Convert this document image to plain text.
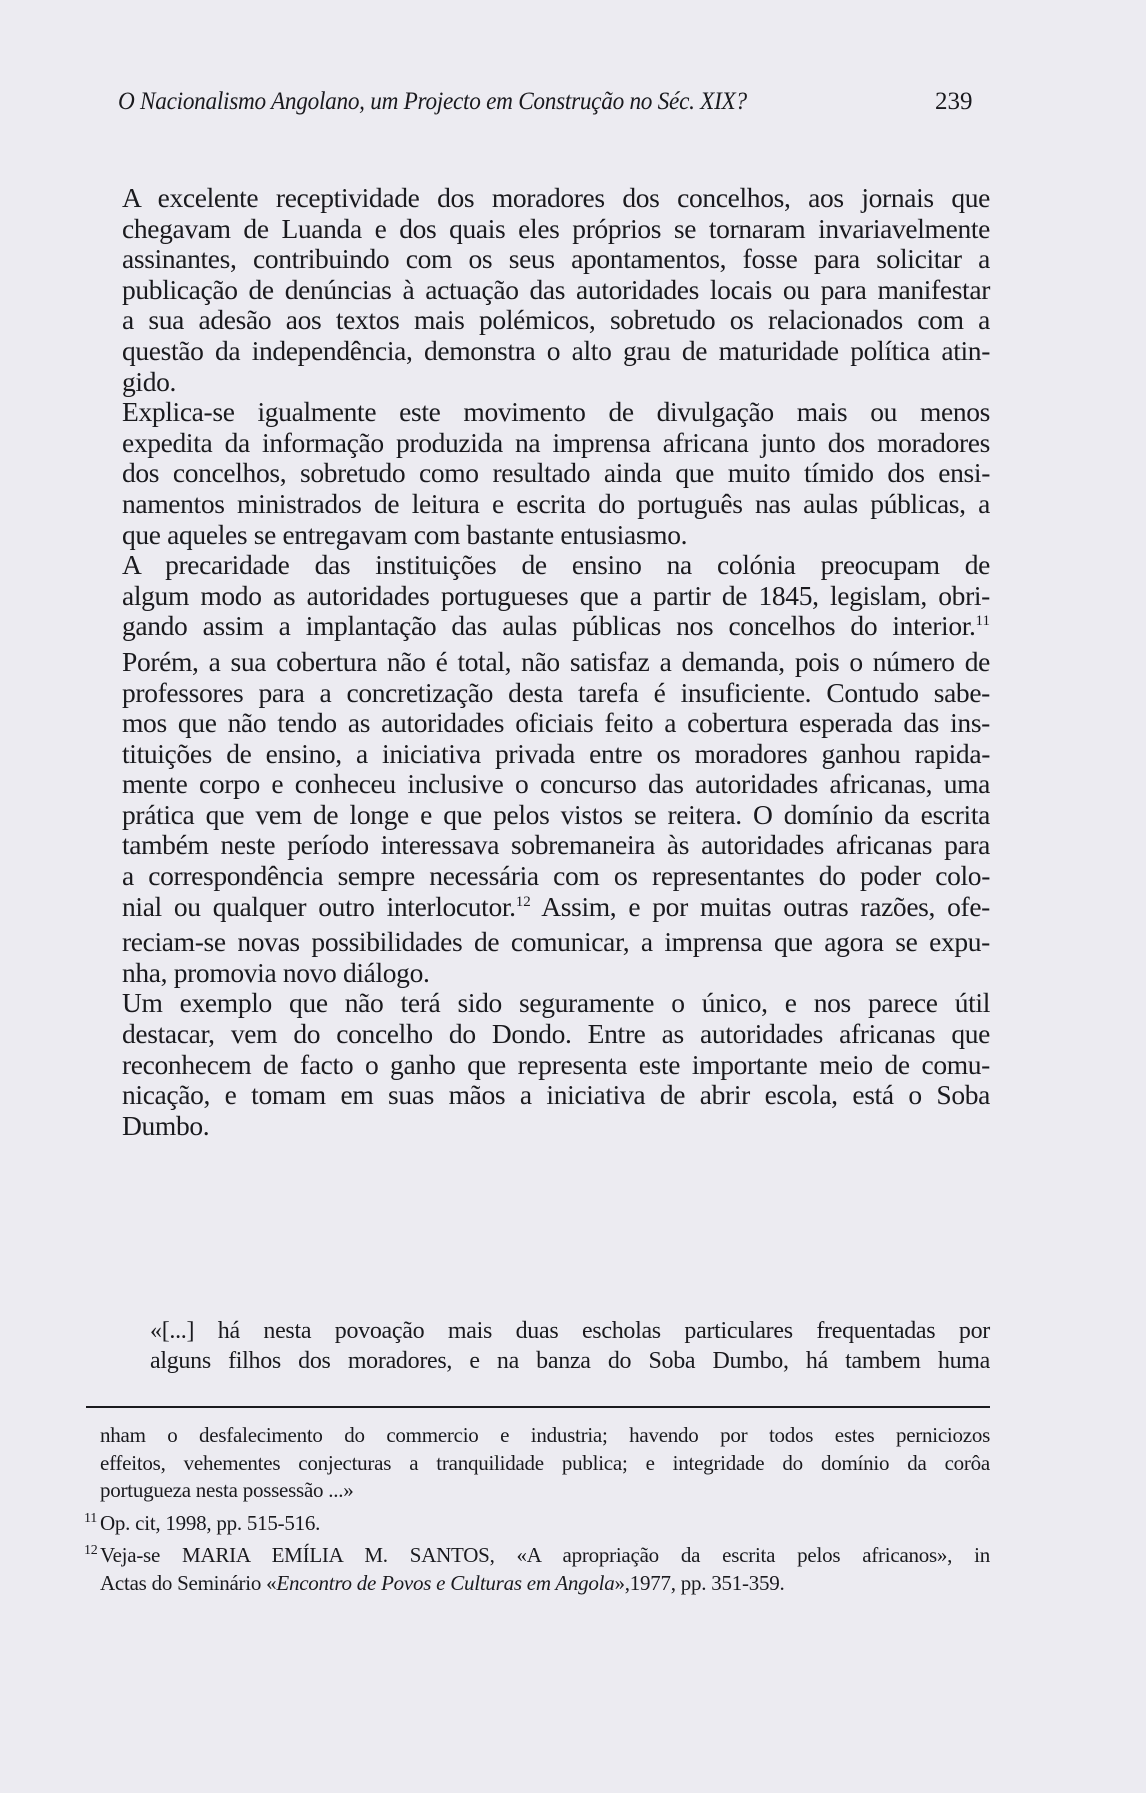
O Nacionalismo Angolano, um Projecto em Construção no Séc. XIX?	239

A excelente receptividade dos moradores dos concelhos, aos jornais que
chegavam de Luanda e dos quais eles próprios se tornaram invariavelmente
assinantes, contribuindo com os seus apontamentos, fosse para solicitar a
publicação de denúncias à actuação das autoridades locais ou para manifestar
a sua adesão aos textos mais polémicos, sobretudo os relacionados com a
questão da independência, demonstra o alto grau de maturidade política atin-
gido.

Explica-se igualmente este movimento de divulgação mais ou menos
expedita da informação produzida na imprensa africana junto dos moradores
dos concelhos, sobretudo como resultado ainda que muito tímido dos ensi-
namentos ministrados de leitura e escrita do português nas aulas públicas, a
que aqueles se entregavam com bastante entusiasmo.

A precaridade das instituições de ensino na colónia preocupam de
algum modo as autoridades portugueses que a partir de 1845, legislam, obri-
gando assim a implantação das aulas públicas nos concelhos do interior.$^{11}$
Porém, a sua cobertura não é total, não satisfaz a demanda, pois o número de
professores para a concretização desta tarefa é insuficiente. Contudo sabe-
mos que não tendo as autoridades oficiais feito a cobertura esperada das ins-
tituições de ensino, a iniciativa privada entre os moradores ganhou rapida-
mente corpo e conheceu inclusive o concurso das autoridades africanas, uma
prática que vem de longe e que pelos vistos se reitera. O domínio da escrita
também neste período interessava sobremaneira às autoridades africanas para
a correspondência sempre necessária com os representantes do poder colo-
nial ou qualquer outro interlocutor.$^{12}$ Assim, e por muitas outras razões, ofe-
reciam-se novas possibilidades de comunicar, a imprensa que agora se expu-
nha, promovia novo diálogo.

Um exemplo que não terá sido seguramente o único, e nos parece útil
destacar, vem do concelho do Dondo. Entre as autoridades africanas que
reconhecem de facto o ganho que representa este importante meio de comu-
nicação, e tomam em suas mãos a iniciativa de abrir escola, está o Soba
Dumbo.

«[...] há nesta povoação mais duas escholas particulares frequentadas por
alguns filhos dos moradores, e na banza do Soba Dumbo, há tambem huma
nham o desfalecimento do commercio e industria; havendo por todos estes perniciozos
effeitos, vehementes conjecturas a tranquilidade publica; e integridade do domínio da corôa
portugueza nesta possessão ...»
11 Op. cit, 1998, pp. 515-516.
12 Veja-se MARIA EMÍLIA M. SANTOS, «A apropriação da escrita pelos africanos», in
Actas do Seminário «Encontro de Povos e Culturas em Angola»,1977, pp. 351-359.
